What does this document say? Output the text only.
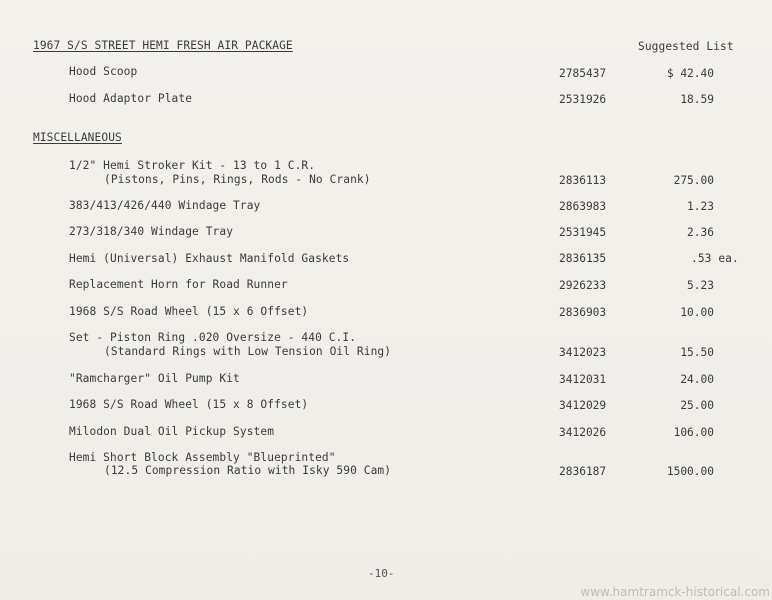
1967 S/S STREET HEMI FRESH AIR PACKAGE	Suggested List
Hood Scoop	2785437	$ 42.40
Hood Adaptor Plate	2531926	18.59
MISCELLANEOUS
1/2" Hemi Stroker Kit - 13 to 1 C.R.
(Pistons, Pins, Rings, Rods - No Crank)	2836113	275.00
383/413/426/440 Windage Tray	2863983	1.23
273/318/340 Windage Tray	2531945	2.36
Hemi (Universal) Exhaust Manifold Gaskets	2836135	.53 ea.
Replacement Horn for Road Runner	2926233	5.23
1968 S/S Road Wheel (15 x 6 Offset)	2836903	10.00
Set - Piston Ring .020 Oversize - 440 C.I.
(Standard Rings with Low Tension Oil Ring)	3412023	15.50
"Ramcharger" Oil Pump Kit	3412031	24.00
1968 S/S Road Wheel (15 x 8 Offset)	3412029	25.00
Milodon Dual Oil Pickup System	3412026	106.00
Hemi Short Block Assembly "Blueprinted"
(12.5 Compression Ratio with Isky 590 Cam)	2836187	1500.00
-10-
www.hamtramck-historical.com
